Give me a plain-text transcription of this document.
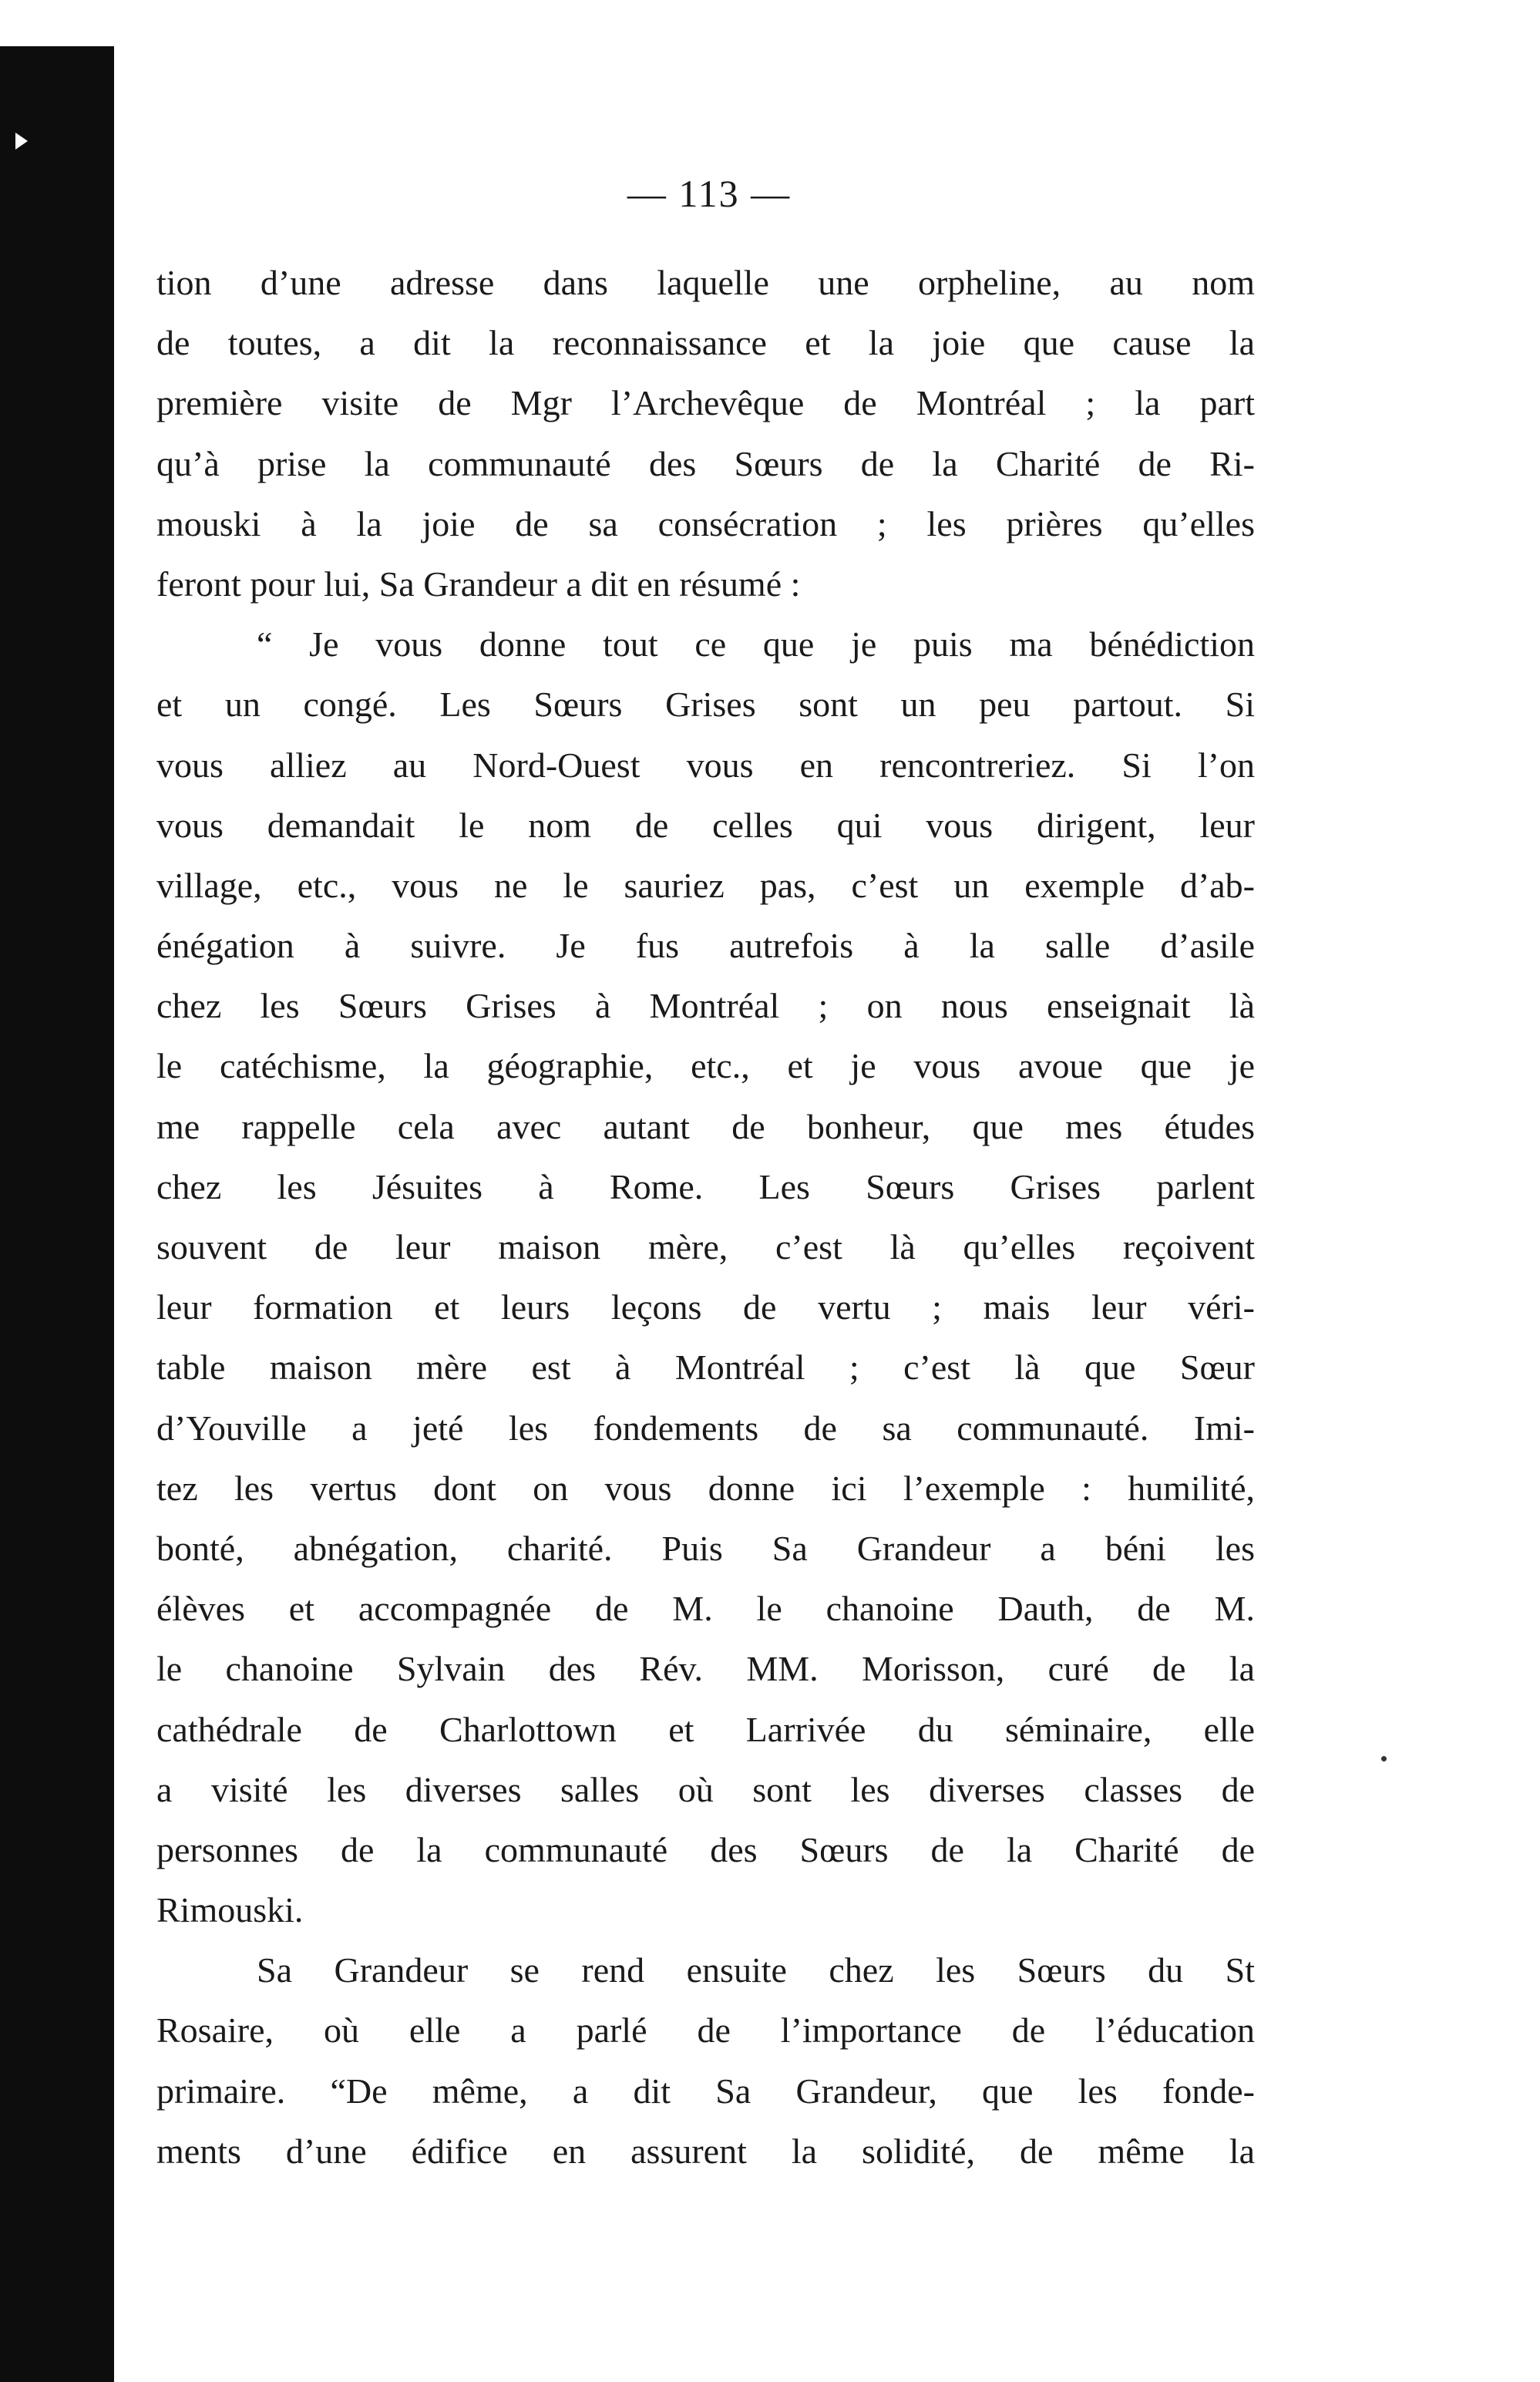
— 113 —
tion d’une adresse dans laquelle une orpheline, au nom
de toutes, a dit la reconnaissance et la joie que cause la
première visite de Mgr l’Archevêque de Montréal ; la part
qu’à prise la communauté des Sœurs de la Charité de Ri-
mouski à la joie de sa consécration ; les prières qu’elles
feront pour lui, Sa Grandeur a dit en résumé :
“ Je vous donne tout ce que je puis ma bénédiction
et un congé. Les Sœurs Grises sont un peu partout. Si
vous alliez au Nord-Ouest vous en rencontreriez. Si l’on
vous demandait le nom de celles qui vous dirigent, leur
village, etc., vous ne le sauriez pas, c’est un exemple d’ab-
énégation à suivre. Je fus autrefois à la salle d’asile
chez les Sœurs Grises à Montréal ; on nous enseignait là
le catéchisme, la géographie, etc., et je vous avoue que je
me rappelle cela avec autant de bonheur, que mes études
chez les Jésuites à Rome. Les Sœurs Grises parlent
souvent de leur maison mère, c’est là qu’elles reçoivent
leur formation et leurs leçons de vertu ; mais leur véri-
table maison mère est à Montréal ; c’est là que Sœur
d’Youville a jeté les fondements de sa communauté. Imi-
tez les vertus dont on vous donne ici l’exemple : humilité,
bonté, abnégation, charité. Puis Sa Grandeur a béni les
élèves et accompagnée de M. le chanoine Dauth, de M.
le chanoine Sylvain des Rév. MM. Morisson, curé de la
cathédrale de Charlottown et Larrivée du séminaire, elle
a visité les diverses salles où sont les diverses classes de
personnes de la communauté des Sœurs de la Charité de
Rimouski.
Sa Grandeur se rend ensuite chez les Sœurs du St
Rosaire, où elle a parlé de l’importance de l’éducation
primaire. “De même, a dit Sa Grandeur, que les fonde-
ments d’une édifice en assurent la solidité, de même la
